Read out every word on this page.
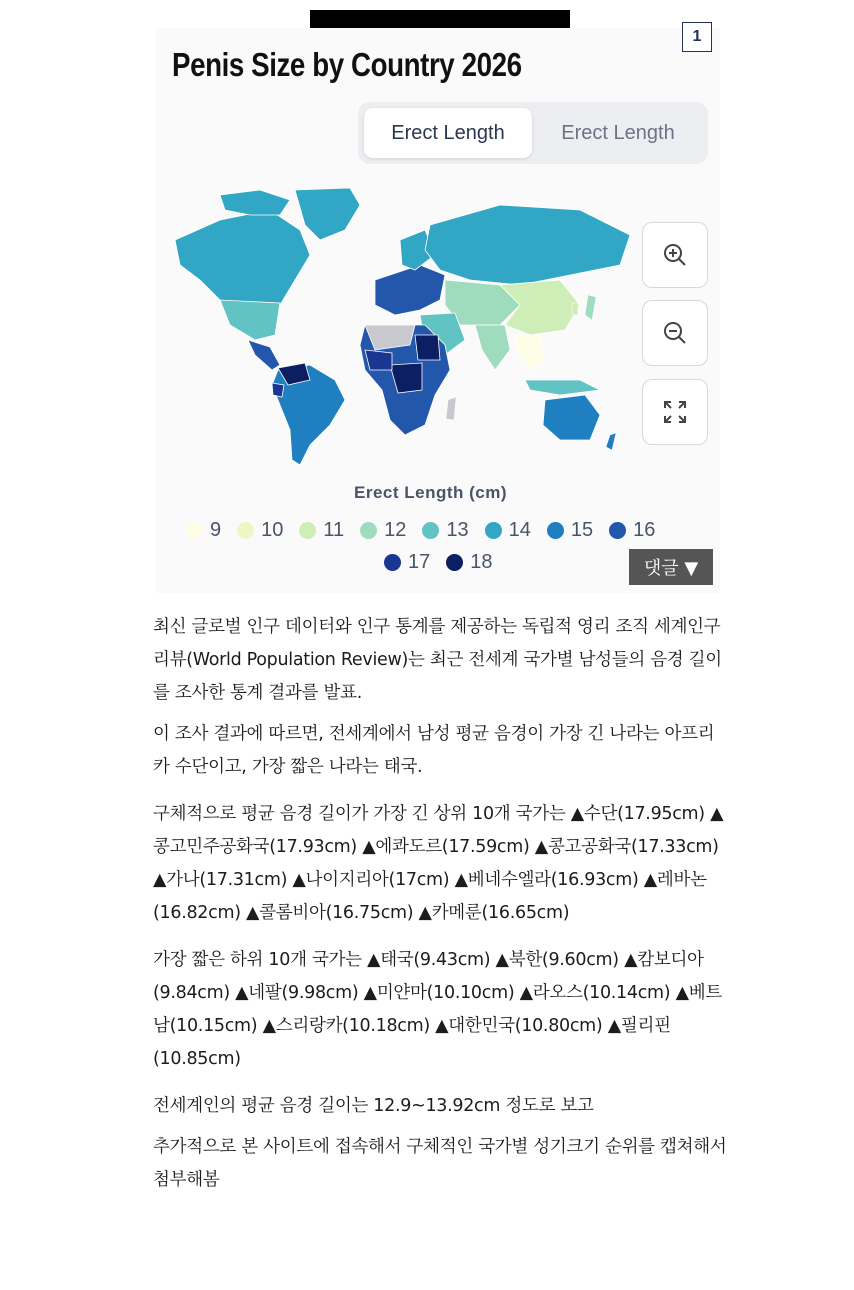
1
Penis Size by Country 2026
Erect Length	Erect Length
Erect Length (cm)
9 10 11 12 13 14 15 16
17 18	댓글 ▼

최신 글로벌 인구 데이터와 인구 통계를 제공하는 독립적 영리 조직 세계인구리뷰(World Population Review)는 최근 전세계 국가별 남성들의 음경 길이를 조사한 통계 결과를 발표.

이 조사 결과에 따르면, 전세계에서 남성 평균 음경이 가장 긴 나라는 아프리카 수단이고, 가장 짧은 나라는 태국.

구체적으로 평균 음경 길이가 가장 긴 상위 10개 국가는 ▲수단(17.95cm) ▲콩고민주공화국(17.93cm) ▲에콰도르(17.59cm) ▲콩고공화국(17.33cm) ▲가나(17.31cm) ▲나이지리아(17cm) ▲베네수엘라(16.93cm) ▲레바논(16.82cm) ▲콜롬비아(16.75cm) ▲카메룬(16.65cm)

가장 짧은 하위 10개 국가는 ▲태국(9.43cm) ▲북한(9.60cm) ▲캄보디아(9.84cm) ▲네팔(9.98cm) ▲미얀마(10.10cm) ▲라오스(10.14cm) ▲베트남(10.15cm) ▲스리랑카(10.18cm) ▲대한민국(10.80cm) ▲필리핀(10.85cm)

전세계인의 평균 음경 길이는 12.9~13.92cm 정도로 보고

추가적으로 본 사이트에 접속해서 구체적인 국가별 성기크기 순위를 캡쳐해서 첨부해봄
